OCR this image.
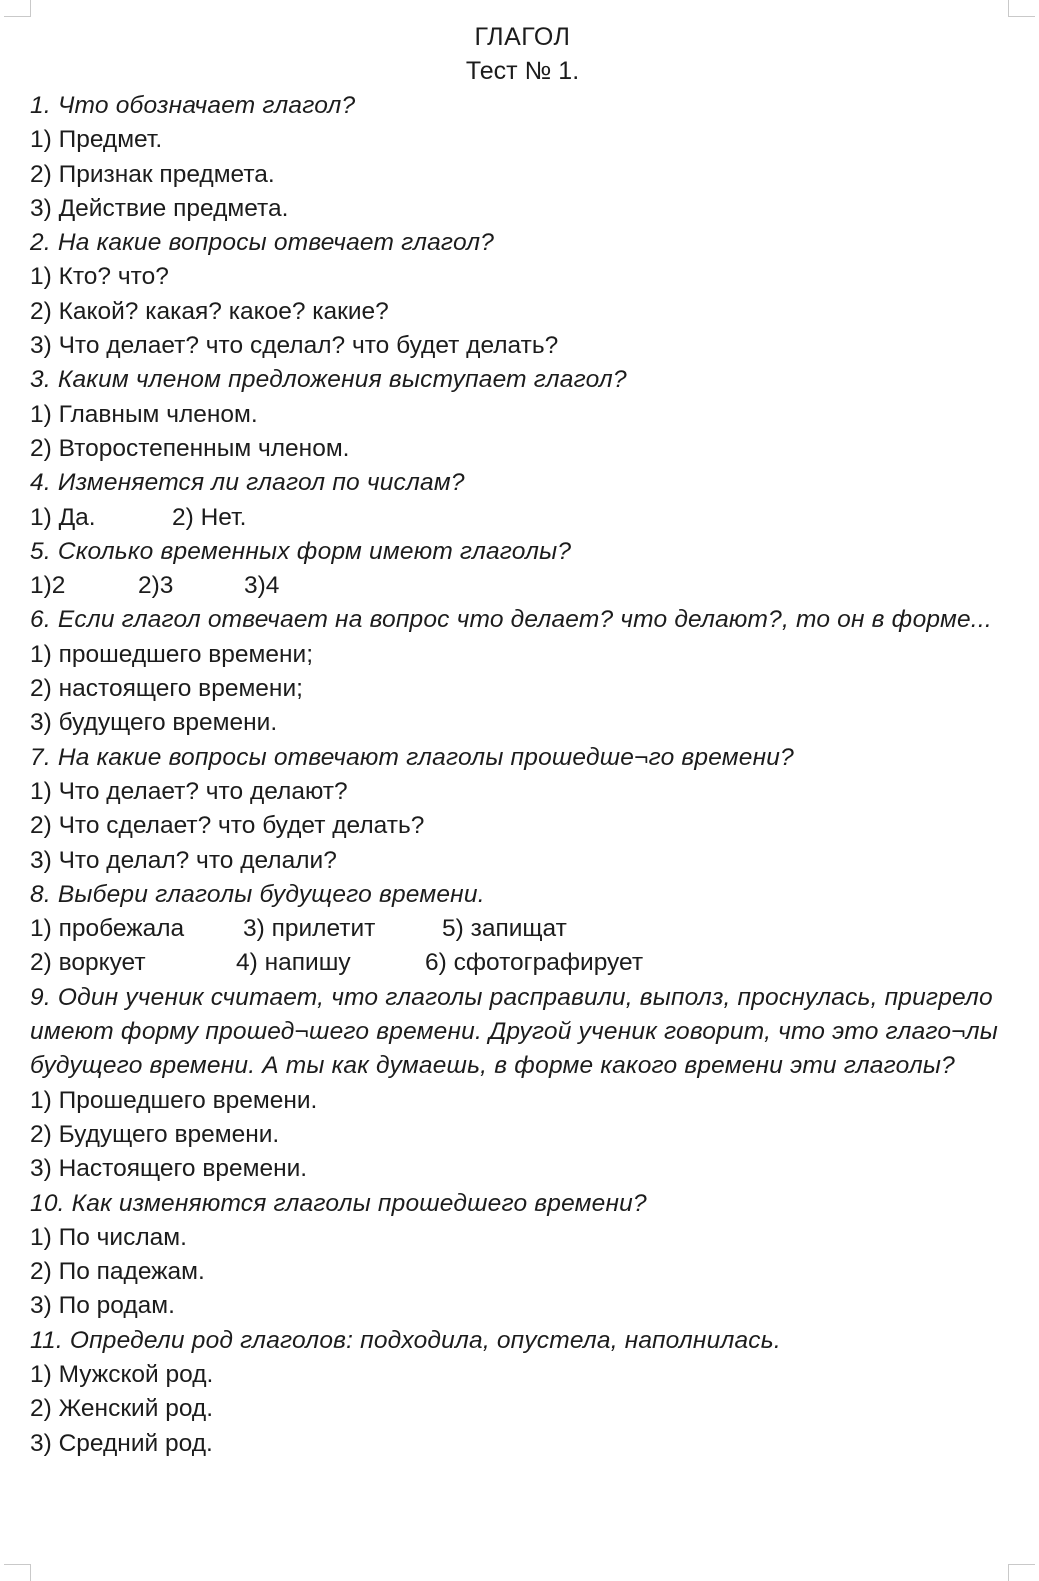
ГЛАГОЛ
Тест № 1.

1. Что обозначает глагол?

1) Предмет.

2) Признак предмета.

3) Действие предмета.

2. На какие вопросы отвечает глагол?

1) Кто? что?

2) Какой? какая? какое? какие?

3) Что делает? что сделал? что будет делать?

3. Каким членом предложения выступает глагол?

1) Главным членом.

2) Второстепенным членом.

4. Изменяется ли глагол по числам?

1) Да.	2) Нет.

5. Сколько временных форм имеют глаголы?

1)2	2)3	3)4

6. Если глагол отвечает на вопрос что делает? что делают?, то он в форме...

1) прошедшего времени;

2) настоящего времени;

3) будущего времени.

7. На какие вопросы отвечают глаголы прошедше¬го времени?

1) Что делает? что делают?

2) Что сделает? что будет делать?

3) Что делал? что делали?

8. Выбери глаголы будущего времени.

1) пробежала	3) прилетит	5) запищат
2) воркует	4) напишу	6) сфотографирует

9. Один ученик считает, что глаголы расправили, выполз, проснулась, пригрело имеют форму прошед¬шего времени. Другой ученик говорит, что это глаго¬лы будущего времени. А ты как думаешь, в форме какого времени эти глаголы?

1) Прошедшего времени.

2) Будущего времени.

3) Настоящего времени.

10. Как изменяются глаголы прошедшего времени?

1) По числам.

2) По падежам.

3) По родам.

11. Определи род глаголов: подходила, опустела, наполнилась.

1) Мужской род.

2) Женский род.

3) Средний род.
